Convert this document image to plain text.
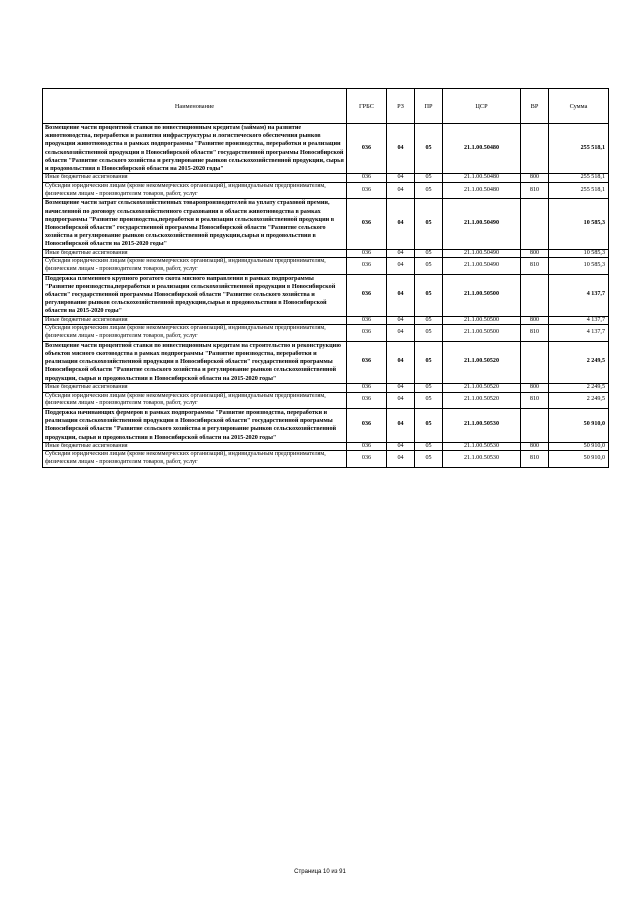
Наименование	ГРБС	РЗ	ПР	ЦСР	ВР	Сумма
Возмещение части процентной ставки по инвестиционным кредитам (займам) на развитие животноводства, переработки и развития инфраструктуры и логистического обеспечения рынков продукции животноводства в рамках подпрограммы "Развитие производства, переработки и реализации сельскохозяйственной продукции в Новосибирской области" государственной программы Новосибирской области "Развитие сельского хозяйства и регулирование рынков сельскохозяйственной продукции, сырья и продовольствия в Новосибирской области на 2015-2020 годы"	036	04	05	21.1.00.50480		255 518,1
Иные бюджетные ассигнования	036	04	05	21.1.00.50480	800	255 518,1
Субсидии юридическим лицам (кроме некоммерческих организаций), индивидуальным предпринимателям, физическим лицам - производителям товаров, работ, услуг	036	04	05	21.1.00.50480	810	255 518,1
Возмещение части затрат сельскохозяйственных товаропроизводителей на уплату страховой премии, начисленной по договору сельскохозяйственного страхования в области животноводства в рамках подпрограммы "Развитие производства,переработки и реализации сельскохозяйственной продукции в Новосибирской области" государственной программы Новосибирской области "Развитие сельского хозяйства и регулирование рынков сельскохозяйственной продукции,сырья и продовольствия в Новосибирской области на 2015-2020 годы"	036	04	05	21.1.00.50490		10 585,3
Иные бюджетные ассигнования	036	04	05	21.1.00.50490	800	10 585,3
Субсидии юридическим лицам (кроме некоммерческих организаций), индивидуальным предпринимателям, физическим лицам - производителям товаров, работ, услуг	036	04	05	21.1.00.50490	810	10 585,3
Поддержка племенного крупного рогатого скота мясного направления в рамках подпрограммы "Развитие производства,переработки и реализации сельскохозяйственной продукции в Новосибирской области" государственной программы Новосибирской области "Развитие сельского хозяйства и регулирование рынков сельскохозяйственной продукции,сырья и продовольствия в Новосибирской области на 2015-2020 годы"	036	04	05	21.1.00.50500		4 137,7
Иные бюджетные ассигнования	036	04	05	21.1.00.50500	800	4 137,7
Субсидии юридическим лицам (кроме некоммерческих организаций), индивидуальным предпринимателям, физическим лицам - производителям товаров, работ, услуг	036	04	05	21.1.00.50500	810	4 137,7
Возмещение части процентной ставки по инвестиционным кредитам на строительство и реконструкцию объектов мясного скотоводства в рамках подпрограммы "Развитие производства, переработки и реализации сельскохозяйственной продукции в Новосибирской области" государственной программы Новосибирской области "Развитие сельского хозяйства и регулирование рынков сельскохозяйственной продукции, сырья и продовольствия в Новосибирской области на 2015-2020 годы"	036	04	05	21.1.00.50520		2 249,5
Иные бюджетные ассигнования	036	04	05	21.1.00.50520	800	2 249,5
Субсидии юридическим лицам (кроме некоммерческих организаций), индивидуальным предпринимателям, физическим лицам - производителям товаров, работ, услуг	036	04	05	21.1.00.50520	810	2 249,5
Поддержка начинающих фермеров в рамках подпрограммы "Развитие производства, переработки и реализации сельскохозяйственной продукции в Новосибирской области" государственной программы Новосибирской области "Развитие сельского хозяйства и регулирование рынков сельскохозяйственной продукции, сырья и продовольствия в Новосибирской области на 2015-2020 годы"	036	04	05	21.1.00.50530		50 910,0
Иные бюджетные ассигнования	036	04	05	21.1.00.50530	800	50 910,0
Субсидии юридическим лицам (кроме некоммерческих организаций), индивидуальным предпринимателям, физическим лицам - производителям товаров, работ, услуг	036	04	05	21.1.00.50530	810	50 910,0
Страница 10 из 91
